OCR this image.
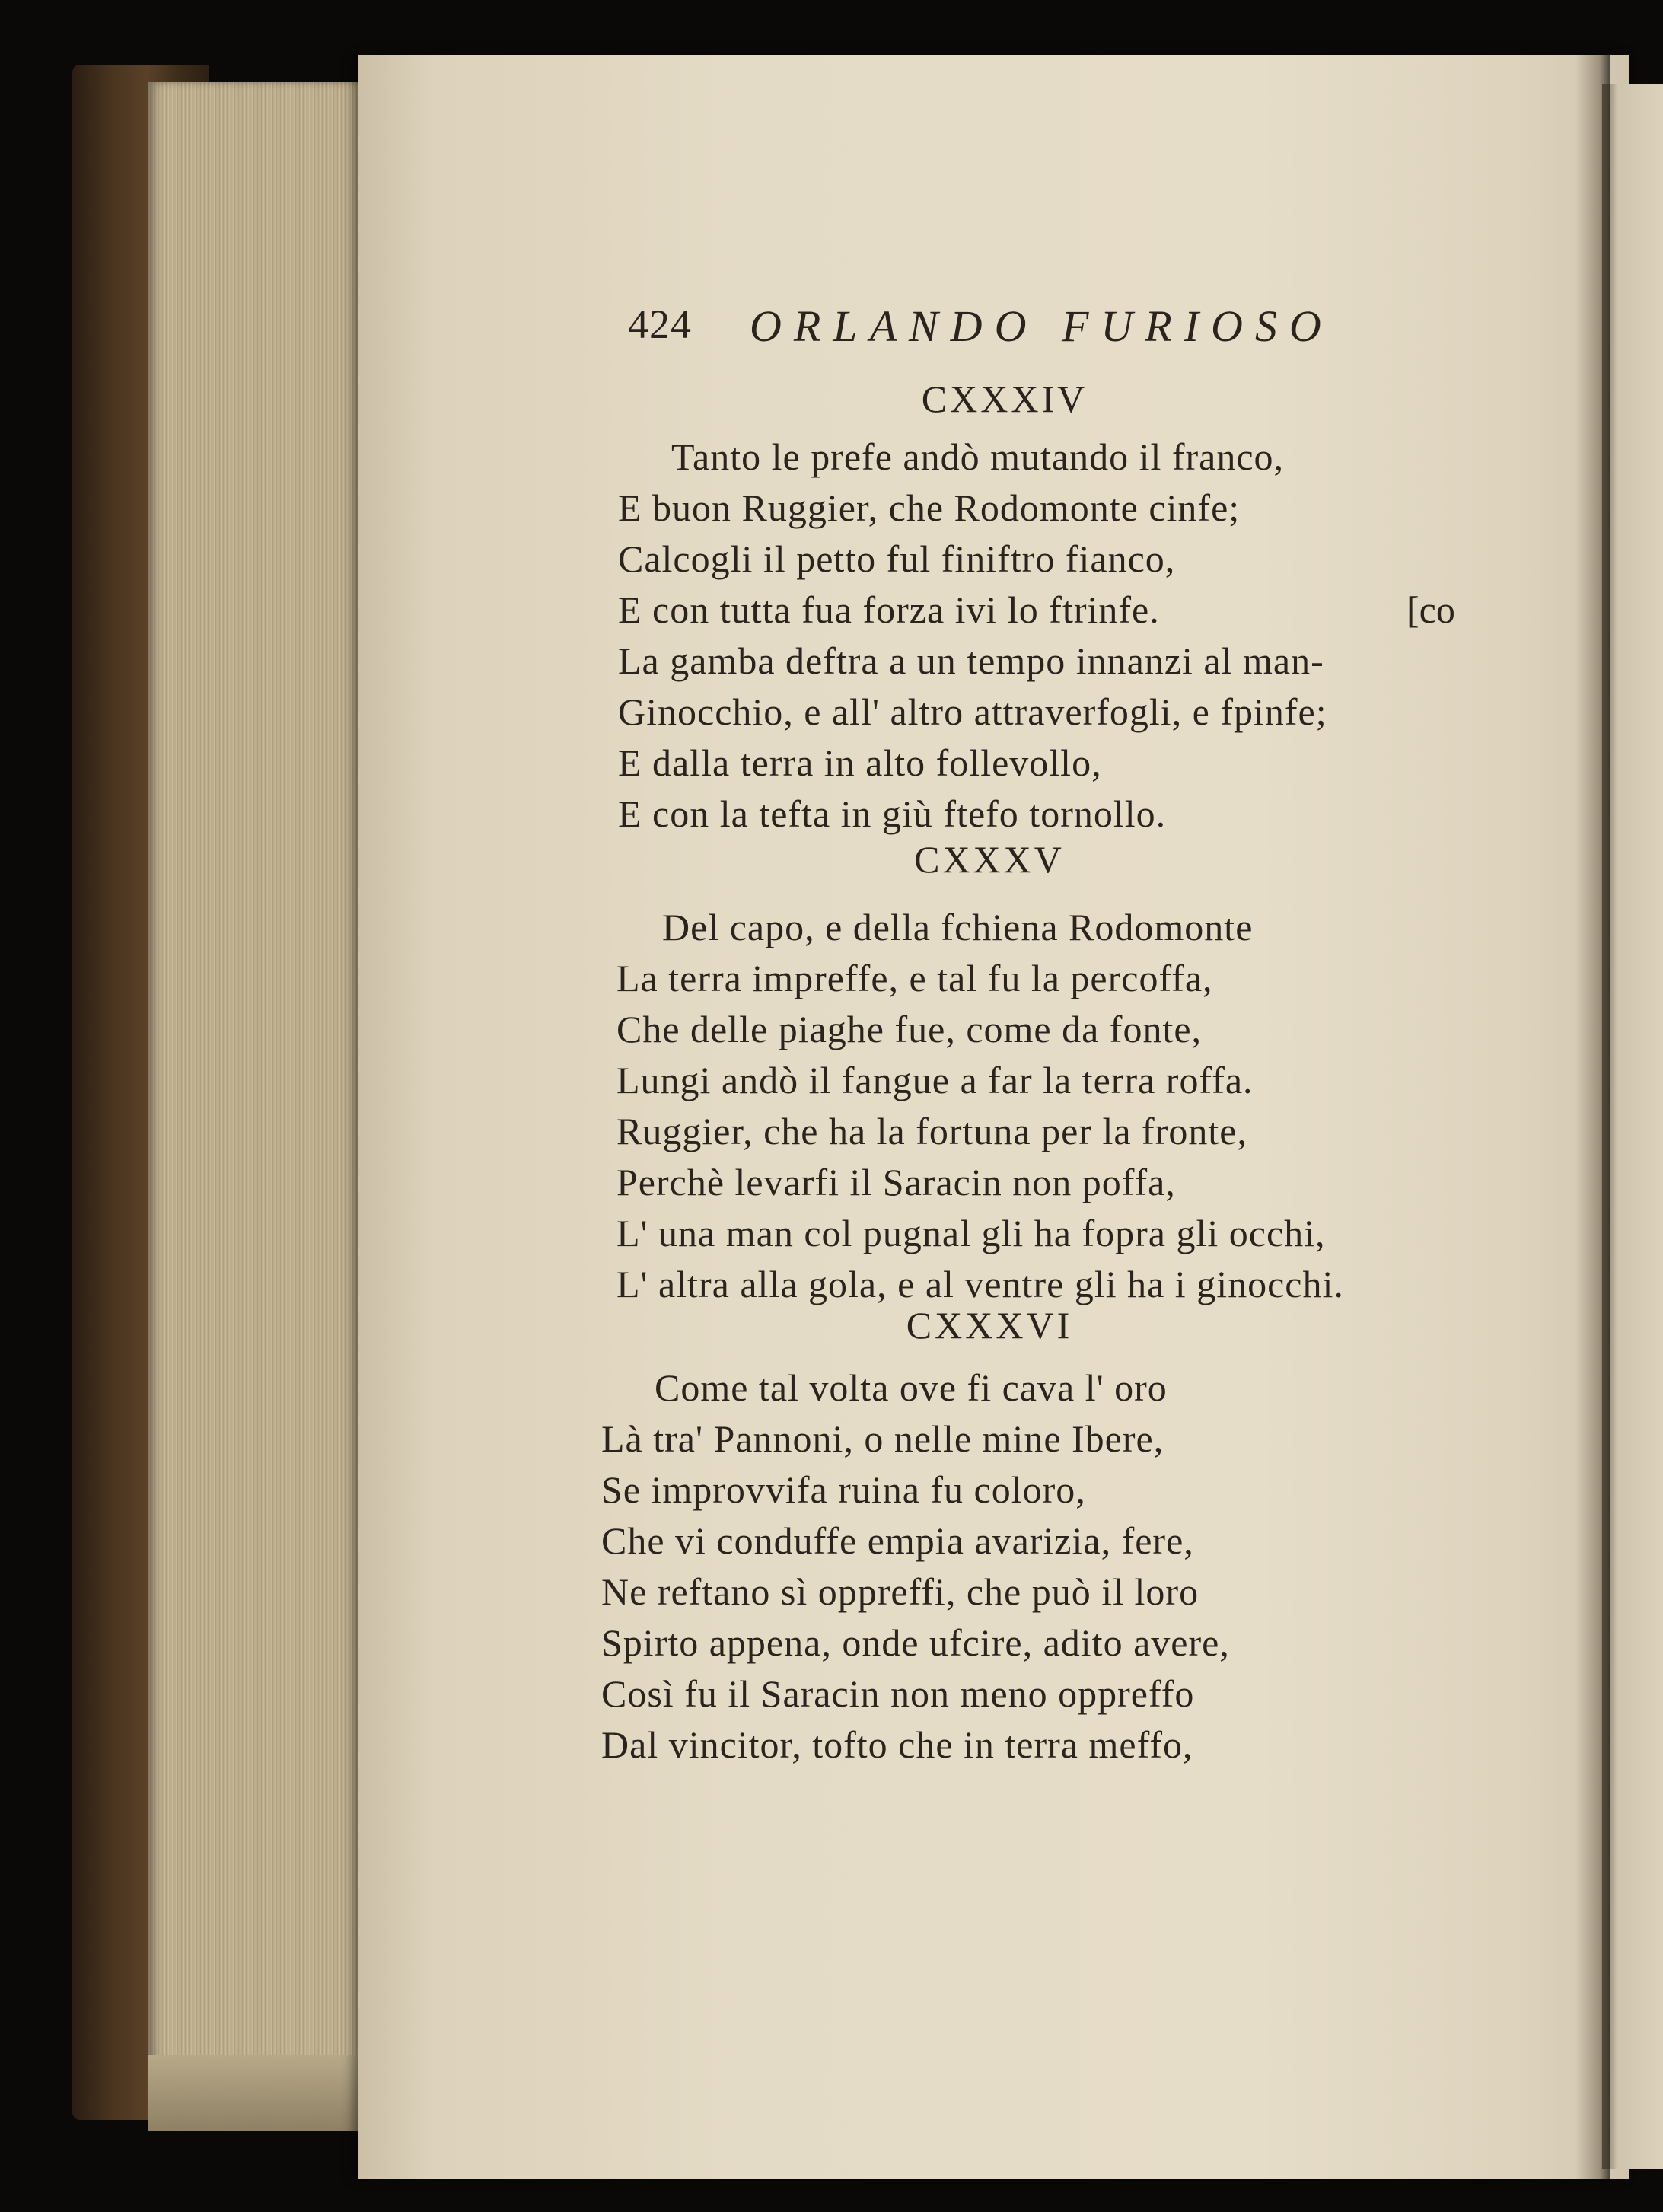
424 ORLANDO FURIOSO
CXXXIV
Tanto le prefe andò mutando il franco,
E buon Ruggier, che Rodomonte cinfe;
Calcogli il petto ful finiftro fianco,
E con tutta fua forza ivi lo ftrinfe.
La gamba deftra a un tempo innanzi al man-
Ginocchio, e all' altro attraverfogli, e fpinfe;
E dalla terra in alto follevollo,
E con la tefta in giù ftefo tornollo.
[co
CXXXV
Del capo, e della fchiena Rodomonte
La terra impreffe, e tal fu la percoffa,
Che delle piaghe fue, come da fonte,
Lungi andò il fangue a far la terra roffa.
Ruggier, che ha la fortuna per la fronte,
Perchè levarfi il Saracin non poffa,
L' una man col pugnal gli ha fopra gli occhi,
L' altra alla gola, e al ventre gli ha i ginocchi.
CXXXVI
Come tal volta ove fi cava l' oro
Là tra' Pannoni, o nelle mine Ibere,
Se improvvifa ruina fu coloro,
Che vi conduffe empia avarizia, fere,
Ne reftano sì oppreffi, che può il loro
Spirto appena, onde ufcire, adito avere,
Così fu il Saracin non meno oppreffo
Dal vincitor, tofto che in terra meffo,
